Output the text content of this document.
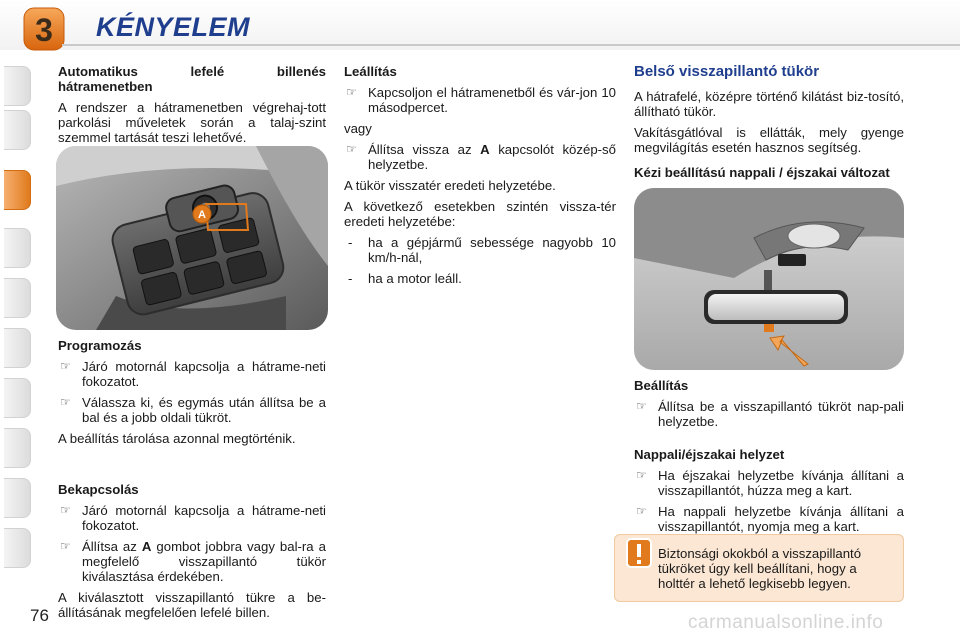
3 KÉNYELEM

Automatikus lefelé billenés hátramenetben

A rendszer a hátramenetben végrehaj-tott parkolási műveletek során a talaj-szint szemmel tartását teszi lehetővé.

A

Programozás

☞ Járó motornál kapcsolja a hátrame-neti fokozatot.

☞ Válassza ki, és egymás után állítsa be a bal és a jobb oldali tükröt.

A beállítás tárolása azonnal megtörténik.

Bekapcsolás

☞ Járó motornál kapcsolja a hátrame-neti fokozatot.

☞ Állítsa az A gombot jobbra vagy bal-ra a megfelelő visszapillantó tükör kiválasztása érdekében.

A kiválasztott visszapillantó tükre a be-állításának megfelelően lefelé billen.

Leállítás

☞ Kapcsoljon el hátramenetből és vár-jon 10 másodpercet.

vagy

☞ Állítsa vissza az A kapcsolót közép-ső helyzetbe.

A tükör visszatér eredeti helyzetébe.

A következő esetekben szintén vissza-tér eredeti helyzetébe:

- ha a gépjármű sebessége nagyobb 10 km/h-nál,

- ha a motor leáll.

Belső visszapillantó tükör

A hátrafelé, középre történő kilátást biz-tosító, állítható tükör.

Vakításgátlóval is ellátták, mely gyenge megvilágítás esetén hasznos segítség.

Kézi beállítású nappali / éjszakai változat

Beállítás

☞ Állítsa be a visszapillantó tükröt nap-pali helyzetbe.

Nappali/éjszakai helyzet

☞ Ha éjszakai helyzetbe kívánja állítani a visszapillantót, húzza meg a kart.

☞ Ha nappali helyzetbe kívánja állítani a visszapillantót, nyomja meg a kart.

Biztonsági okokból a visszapillantó tükröket úgy kell beállítani, hogy a holttér a lehető legkisebb legyen.
76	carmanualsonline.info
